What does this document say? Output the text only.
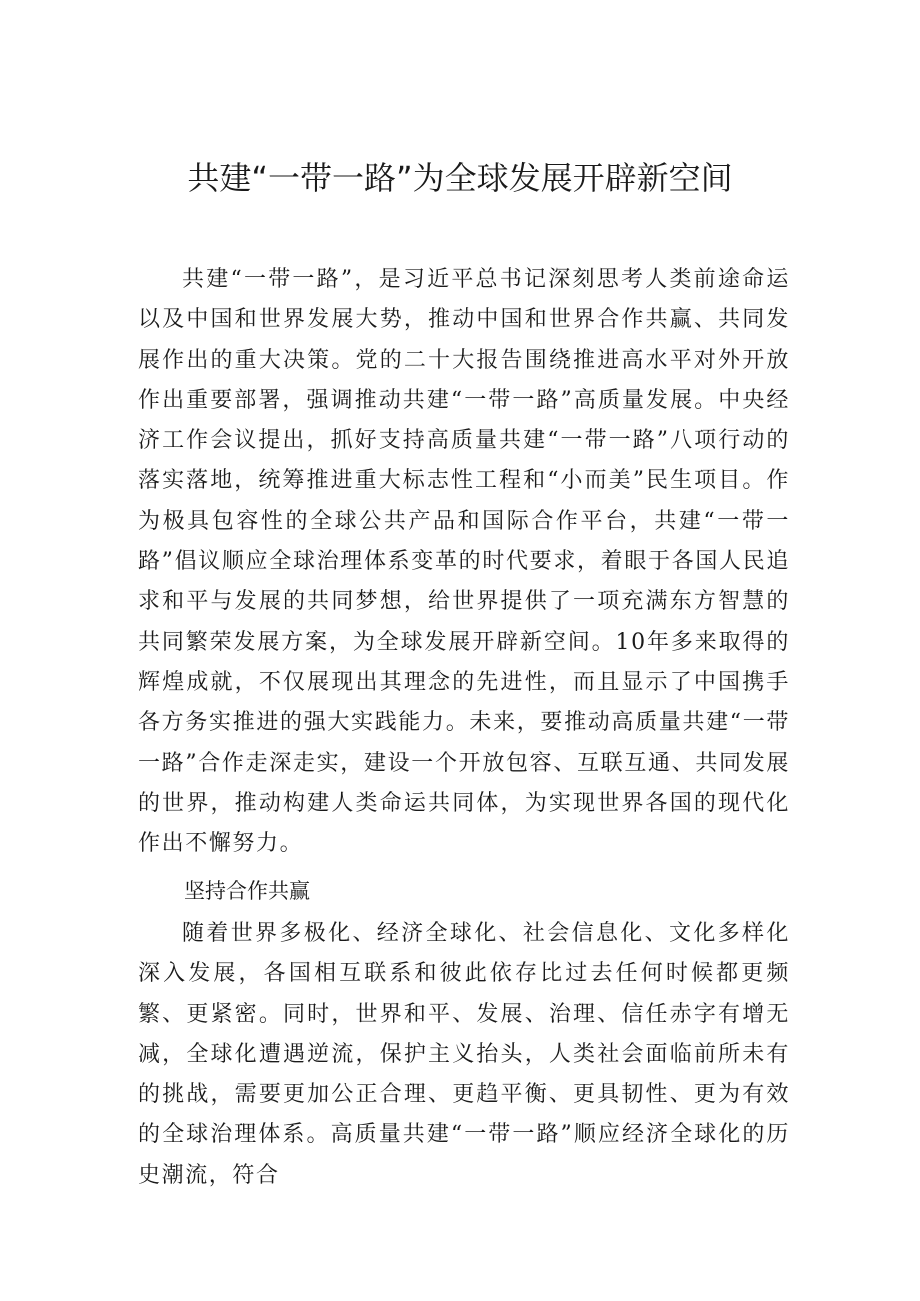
共建“一带一路”为全球发展开辟新空间

共建“一带一路”，是习近平总书记深刻思考人类前途命运以及中国和世界发展大势，推动中国和世界合作共赢、共同发展作出的重大决策。党的二十大报告围绕推进高水平对外开放作出重要部署，强调推动共建“一带一路”高质量发展。中央经济工作会议提出，抓好支持高质量共建“一带一路”八项行动的落实落地，统筹推进重大标志性工程和“小而美”民生项目。作为极具包容性的全球公共产品和国际合作平台，共建“一带一路”倡议顺应全球治理体系变革的时代要求，着眼于各国人民追求和平与发展的共同梦想，给世界提供了一项充满东方智慧的共同繁荣发展方案，为全球发展开辟新空间。10年多来取得的辉煌成就，不仅展现出其理念的先进性，而且显示了中国携手各方务实推进的强大实践能力。未来，要推动高质量共建“一带一路”合作走深走实，建设一个开放包容、互联互通、共同发展的世界，推动构建人类命运共同体，为实现世界各国的现代化作出不懈努力。

坚持合作共赢

随着世界多极化、经济全球化、社会信息化、文化多样化深入发展，各国相互联系和彼此依存比过去任何时候都更频繁、更紧密。同时，世界和平、发展、治理、信任赤字有增无减，全球化遭遇逆流，保护主义抬头，人类社会面临前所未有的挑战，需要更加公正合理、更趋平衡、更具韧性、更为有效的全球治理体系。高质量共建“一带一路”顺应经济全球化的历史潮流，符合
